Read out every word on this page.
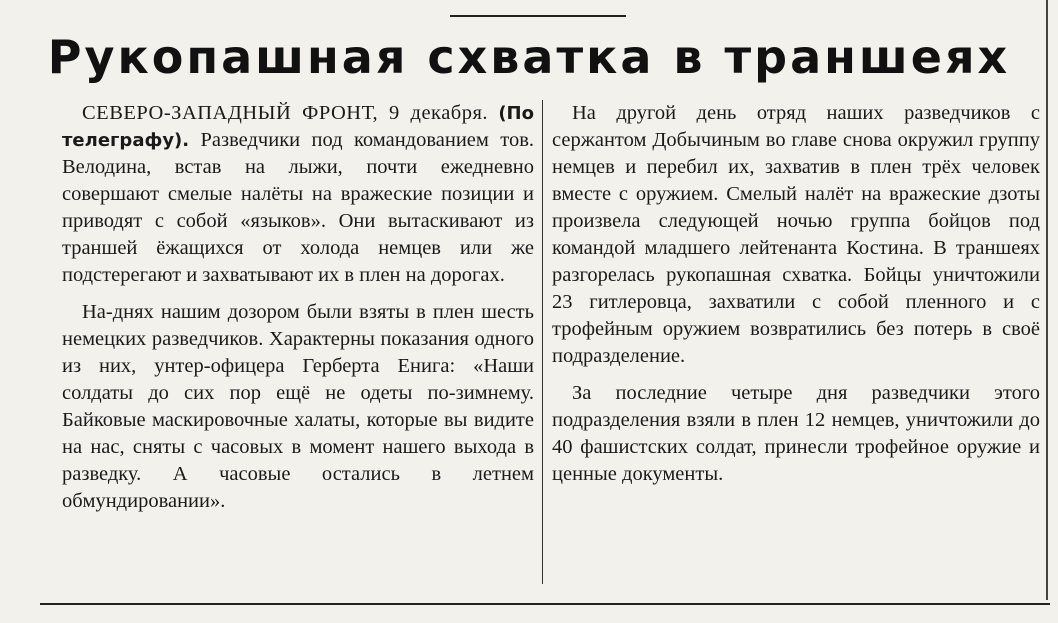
Рукопашная схватка в траншеях

СЕВЕРО-ЗАПАДНЫЙ ФРОНТ, 9 декабря. (По телеграфу). Разведчики под командованием тов. Велодина, встав на лыжи, почти ежедневно совершают смелые налёты на вражеские позиции и приводят с собой «языков». Они вытаскивают из траншей ёжащихся от холода немцев или же подстерегают и захватывают их в плен на дорогах.

На-днях нашим дозором были взяты в плен шесть немецких разведчиков. Характерны показания одного из них, унтер-офицера Герберта Енига: «Наши солдаты до сих пор ещё не одеты по-зимнему. Байковые маскировочные халаты, которые вы видите на нас, сняты с часовых в момент нашего выхода в разведку. А часовые остались в летнем обмундировании».

На другой день отряд наших разведчиков с сержантом Добычиным во главе снова окружил группу немцев и перебил их, захватив в плен трёх человек вместе с оружием. Смелый налёт на вражеские дзоты произвела следующей ночью группа бойцов под командой младшего лейтенанта Костина. В траншеях разгорелась рукопашная схватка. Бойцы уничтожили 23 гитлеровца, захватили с собой пленного и с трофейным оружием возвратились без потерь в своё подразделение.

За последние четыре дня разведчики этого подразделения взяли в плен 12 немцев, уничтожили до 40 фашистских солдат, принесли трофейное оружие и ценные документы.
